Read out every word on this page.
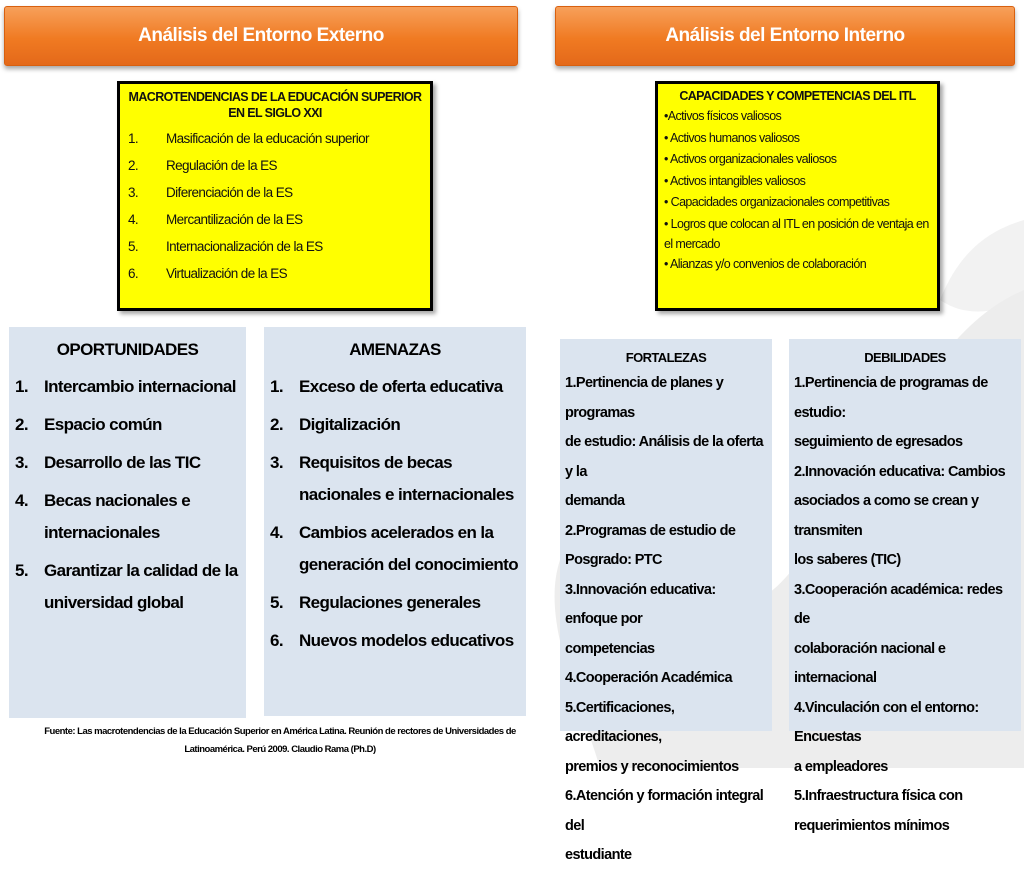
Análisis del Entorno Externo	Análisis del Entorno Interno
MACROTENDENCIAS DE LA EDUCACIÓN SUPERIOR EN EL SIGLO XXI
1.	Masificación de la educación superior
2.	Regulación de la ES
3.	Diferenciación de la ES
4.	Mercantilización de la ES
5.	Internacionalización de la ES
6.	Virtualización de la ES
CAPACIDADES Y COMPETENCIAS DEL ITL
•Activos físicos valiosos
• Activos humanos valiosos
• Activos organizacionales valiosos
• Activos intangibles valiosos
• Capacidades organizacionales competitivas
• Logros que colocan al ITL en posición de ventaja en el mercado
• Alianzas y/o convenios de colaboración
OPORTUNIDADES
1. Intercambio internacional
2. Espacio común
3. Desarrollo de las TIC
4. Becas nacionales e internacionales
5. Garantizar la calidad de la universidad global
AMENAZAS
1. Exceso de oferta educativa
2. Digitalización
3. Requisitos de becas nacionales e internacionales
4. Cambios acelerados en la generación del conocimiento
5. Regulaciones generales
6. Nuevos modelos educativos
FORTALEZAS
1.Pertinencia de planes y programas
de estudio: Análisis de la oferta y la
demanda
2.Programas de estudio de
Posgrado: PTC
3.Innovación educativa: enfoque por
competencias
4.Cooperación Académica
5.Certificaciones, acreditaciones,
premios y reconocimientos
6.Atención y formación integral del
estudiante
DEBILIDADES
1.Pertinencia de programas de estudio:
seguimiento de egresados
2.Innovación educativa: Cambios
asociados a como se crean y transmiten
los saberes (TIC)
3.Cooperación académica: redes de
colaboración nacional e internacional
4.Vinculación con el entorno: Encuestas
a empleadores
5.Infraestructura física con
requerimientos mínimos
Fuente: Las macrotendencias de la Educación Superior en América Latina. Reunión de rectores de Universidades de
Latinoamérica. Perú 2009. Claudio Rama (Ph.D)
